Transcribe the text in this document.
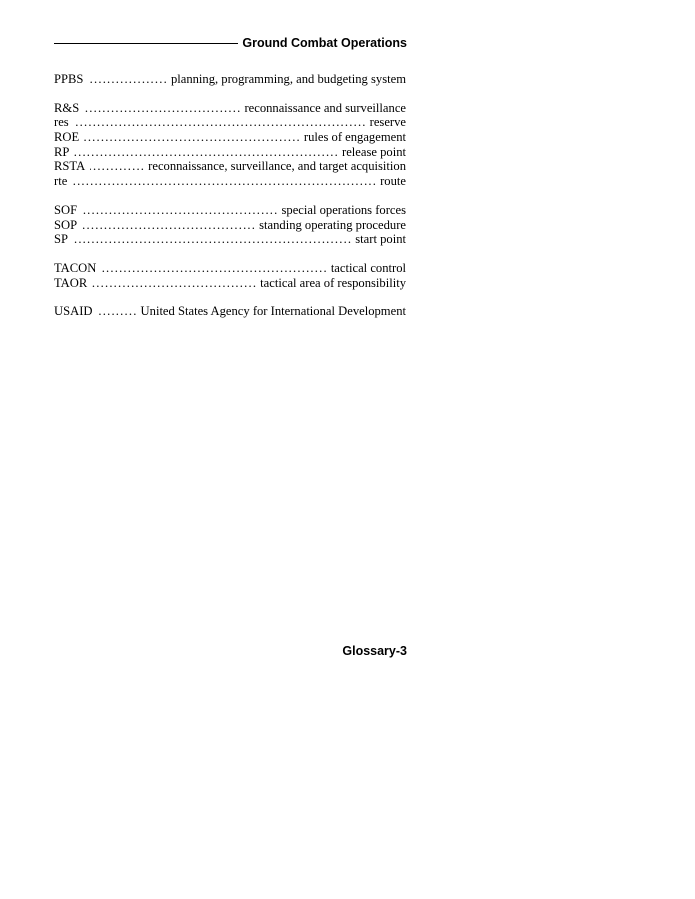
Ground Combat Operations
PPBS .....	planning, programming, and budgeting system
R&S .....	reconnaissance and surveillance
res .....	reserve
ROE .....	rules of engagement
RP .....	release point
RSTA .....	reconnaissance, surveillance, and target acquisition
rte .....	route
SOF .....	special operations forces
SOP .....	standing operating procedure
SP .....	start point
TACON .....	tactical control
TAOR .....	tactical area of responsibility
USAID .....	United States Agency for International Development
Glossary-3
